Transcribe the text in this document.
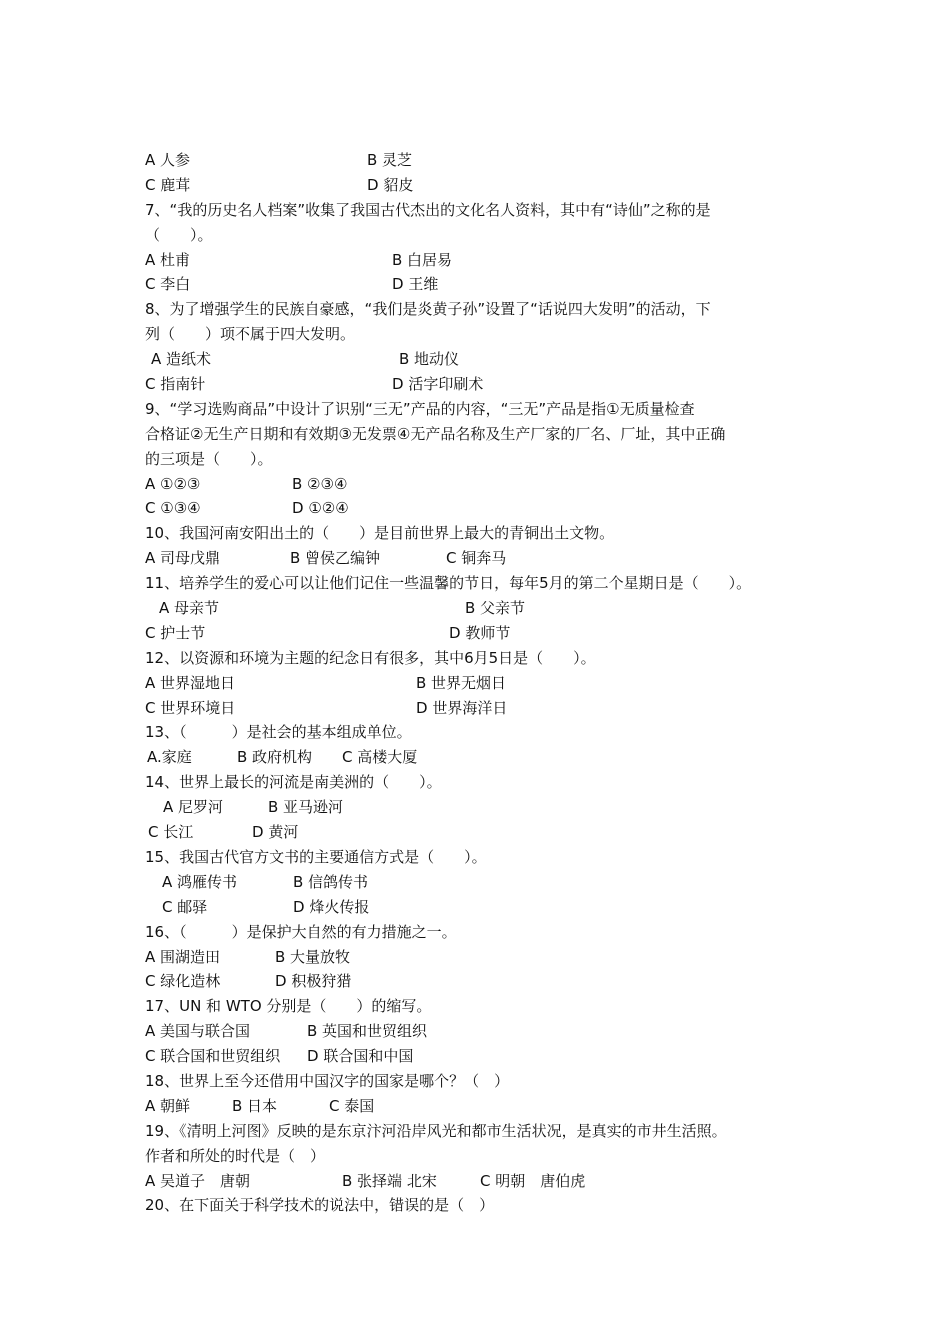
A 人参	B 灵芝
C 鹿茸	D 貂皮
7、“我的历史名人档案”收集了我国古代杰出的文化名人资料，其中有“诗仙”之称的是
（　　）。
A 杜甫	B 白居易
C 李白	D 王维
8、为了增强学生的民族自豪感，“我们是炎黄子孙”设置了“话说四大发明”的活动，下
列（　　）项不属于四大发明。
A 造纸术	B 地动仪
C 指南针	D 活字印刷术
9、“学习选购商品”中设计了识别“三无”产品的内容，“三无”产品是指①无质量检查
合格证②无生产日期和有效期③无发票④无产品名称及生产厂家的厂名、厂址，其中正确
的三项是（　　）。
A ①②③	B ②③④
C ①③④	D ①②④
10、我国河南安阳出土的（　　）是目前世界上最大的青铜出土文物。
A 司母戊鼎	B 曾侯乙编钟	C 铜奔马
11、培养学生的爱心可以让他们记住一些温馨的节日，每年5月的第二个星期日是（　　）。
A 母亲节	B 父亲节
C 护士节	D 教师节
12、以资源和环境为主题的纪念日有很多，其中6月5日是（　　）。
A 世界湿地日	B 世界无烟日
C 世界环境日	D 世界海洋日
13、（　　　）是社会的基本组成单位。
A.家庭	B 政府机构 C 高楼大厦
14、世界上最长的河流是南美洲的（　　）。
A 尼罗河	B 亚马逊河
C 长江	D 黄河
15、我国古代官方文书的主要通信方式是（　　）。
A 鸿雁传书	B 信鸽传书
C 邮驿	D 烽火传报
16、（　　　）是保护大自然的有力措施之一。
A 围湖造田	B 大量放牧
C 绿化造林	D 积极狩猎
17、UN 和 WTO 分别是（　　）的缩写。
A 美国与联合国	B 英国和世贸组织
C 联合国和世贸组织 D 联合国和中国
18、世界上至今还借用中国汉字的国家是哪个？（　）
A 朝鲜	B 日本	C 泰国
19、《清明上河图》反映的是东京汴河沿岸风光和都市生活状况，是真实的市井生活照。
作者和所处的时代是（　）
A 吴道子　唐朝	B 张择端 北宋	C 明朝　唐伯虎
20、在下面关于科学技术的说法中，错误的是（　）
